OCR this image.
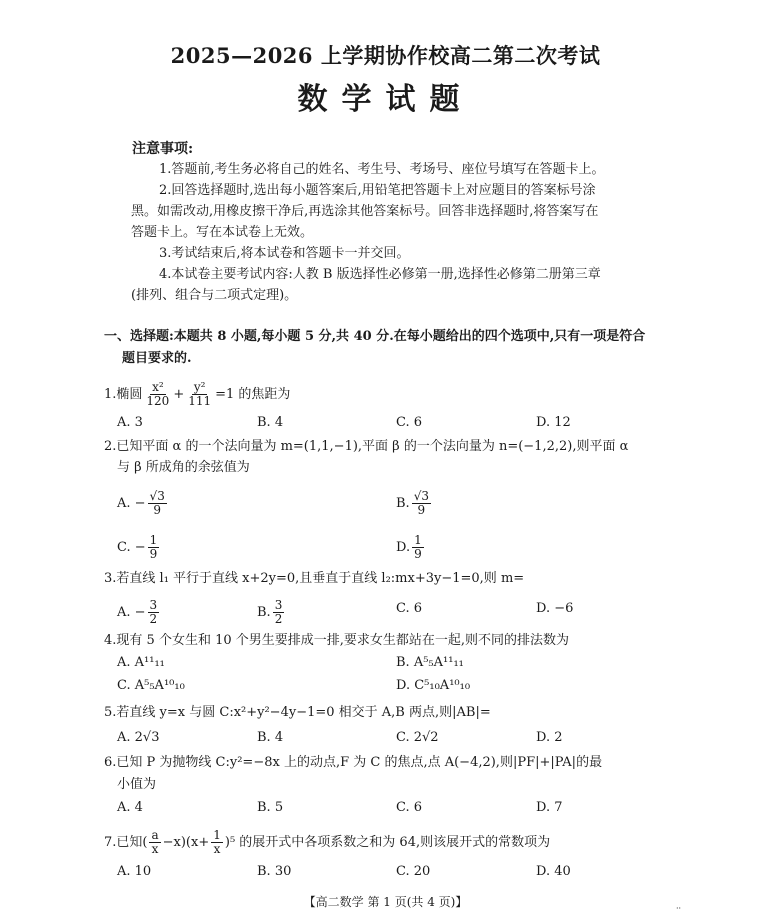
2025—2026 上学期协作校高二第二次考试
数学试题
注意事项:
1.答题前,考生务必将自己的姓名、考生号、考场号、座位号填写在答题卡上。
2.回答选择题时,选出每小题答案后,用铅笔把答题卡上对应题目的答案标号涂
黑。如需改动,用橡皮擦干净后,再选涂其他答案标号。回答非选择题时,将答案写在
答题卡上。写在本试卷上无效。
3.考试结束后,将本试卷和答题卡一并交回。
4.本试卷主要考试内容:人教 B 版选择性必修第一册,选择性必修第二册第三章
(排列、组合与二项式定理)。
一、选择题:本题共 8 小题,每小题 5 分,共 40 分.在每小题给出的四个选项中,只有一项是符合
题目要求的.
1.椭圆 $\frac{\text{x²}}{120} + \frac{\text{y²}}{111} =1$ 的焦距为
A. 3	B. 4	C. 6	D. 12
2.已知平面 α 的一个法向量为 m=(1,1,−1),平面 β 的一个法向量为 n=(−1,2,2),则平面 α
与 β 所成角的余弦值为
A. − $\frac{√3}{9}$	B. $\frac{√3}{9}$
C. − $\frac{1}{9}$	D. $\frac{1}{9}$
3.若直线 l₁ 平行于直线 x+2y=0,且垂直于直线 l₂:mx+3y−1=0,则 m=
A. − $\frac{3}{2}$	B. $\frac{3}{2}$	C. 6	D. −6
4.现有 5 个女生和 10 个男生要排成一排,要求女生都站在一起,则不同的排法数为
A. A¹¹₁₁	B. A⁵₅A¹¹₁₁
C. A⁵₅A¹⁰₁₀	D. C⁵₁₀A¹⁰₁₀
5.若直线 y=x 与圆 C:x²+y²−4y−1=0 相交于 A,B 两点,则|AB|=
A. 2√3	B. 4	C. 2√2	D. 2
6.已知 P 为抛物线 C:y²=−8x 上的动点,F 为 C 的焦点,点 A(−4,2),则|PF|+|PA|的最
小值为
A. 4	B. 5	C. 6	D. 7
7.已知( $\frac{a}{x} -x)(x+ \frac{1}{x} )^5$ 的展开式中各项系数之和为 64,则该展开式的常数项为
A. 10	B. 30	C. 20	D. 40
【高二数学 第 1 页(共 4 页)】	··
